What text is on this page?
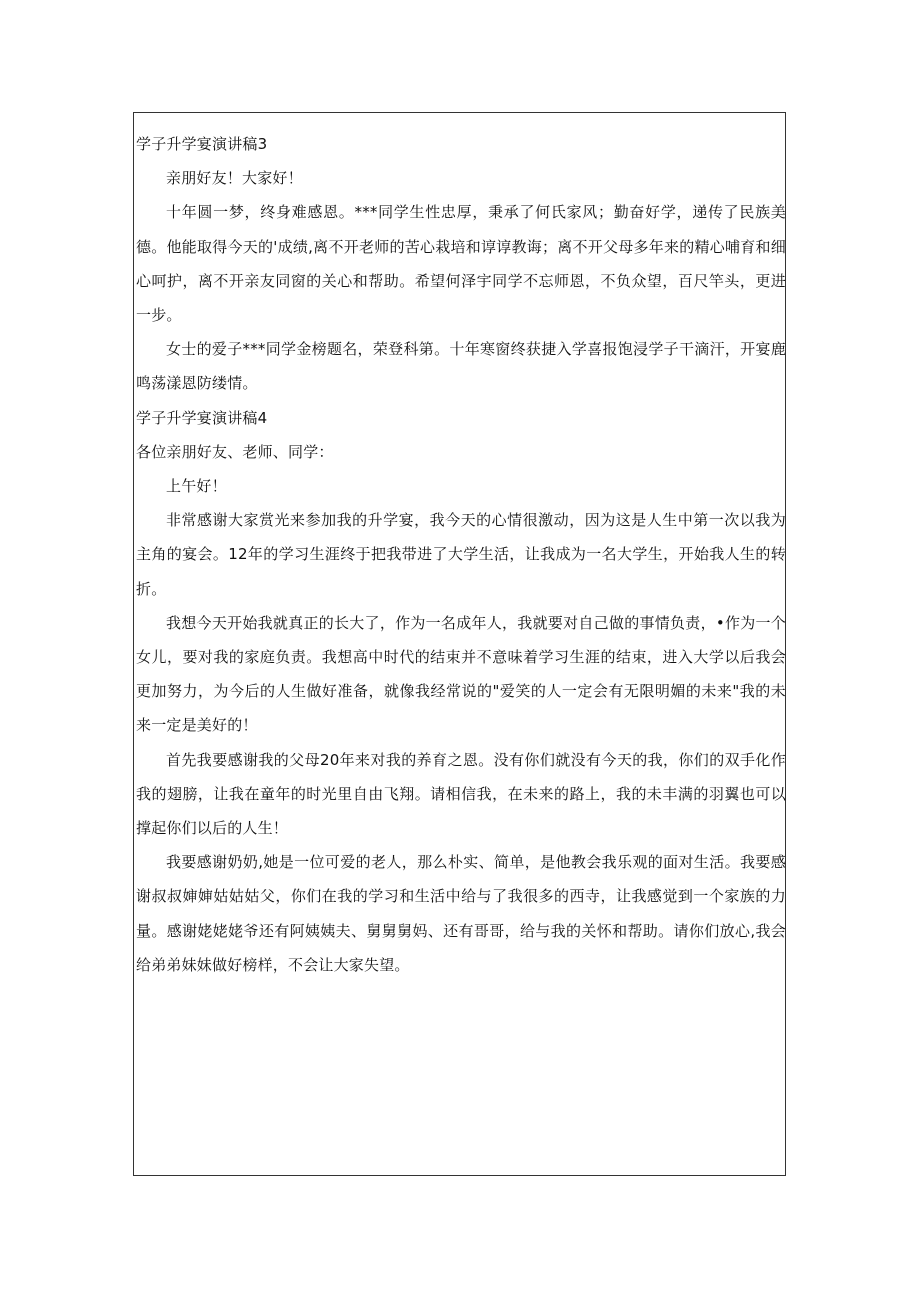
学子升学宴演讲稿3

亲朋好友！大家好！

十年圆一梦，终身难感恩。***同学生性忠厚，秉承了何氏家风；勤奋好学，递传了民族美德。他能取得今天的'成绩,离不开老师的苦心栽培和谆谆教诲；离不开父母多年来的精心哺育和细心呵护，离不开亲友同窗的关心和帮助。希望何泽宇同学不忘师恩，不负众望，百尺竿头，更进一步。

女士的爱子***同学金榜题名，荣登科第。十年寒窗终获捷入学喜报饱浸学子干滴汗，开宴鹿鸣荡漾恩防缕情。

学子升学宴演讲稿4

各位亲朋好友、老师、同学：

上午好！

非常感谢大家赏光来参加我的升学宴，我今天的心情很激动，因为这是人生中第一次以我为主角的宴会。12年的学习生涯终于把我带进了大学生活，让我成为一名大学生，开始我人生的转折。

我想今天开始我就真正的长大了，作为一名成年人，我就要对自己做的事情负责，•作为一个女儿，要对我的家庭负责。我想高中时代的结束并不意味着学习生涯的结束，进入大学以后我会更加努力，为今后的人生做好准备，就像我经常说的"爱笑的人一定会有无限明媚的未来"我的未来一定是美好的！

首先我要感谢我的父母20年来对我的养育之恩。没有你们就没有今天的我，你们的双手化作我的翅膀，让我在童年的时光里自由飞翔。请相信我，在未来的路上，我的未丰满的羽翼也可以撑起你们以后的人生！

我要感谢奶奶,她是一位可爱的老人，那么朴实、简单，是他教会我乐观的面对生活。我要感谢叔叔婶婶姑姑姑父，你们在我的学习和生活中给与了我很多的西寺，让我感觉到一个家族的力量。感谢姥姥姥爷还有阿姨姨夫、舅舅舅妈、还有哥哥，给与我的关怀和帮助。请你们放心,我会给弟弟妹妹做好榜样，不会让大家失望。
